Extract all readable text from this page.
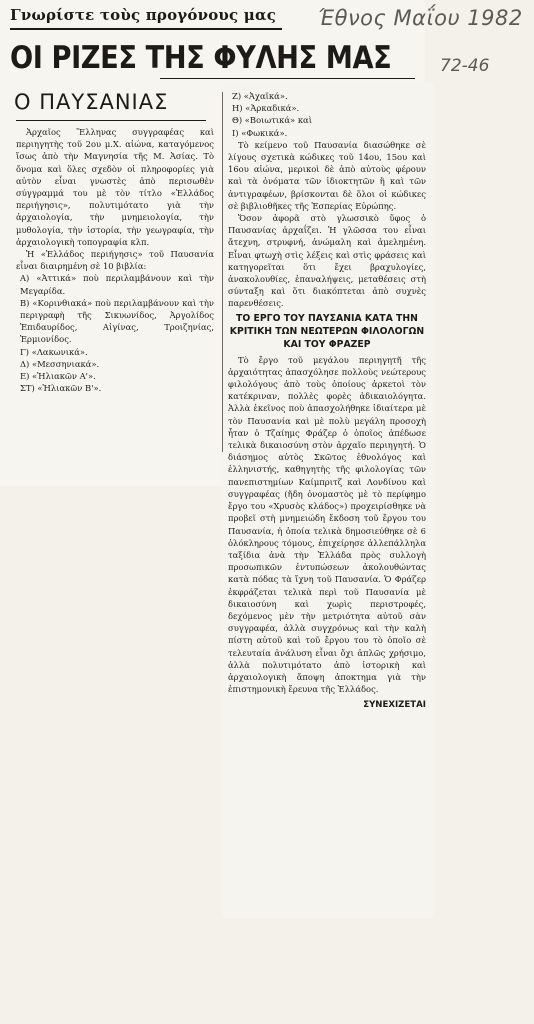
Γνωρίστε τοὺς προγόνους μας Έθνος Μαΐου 1982
72-46
ΟΙ ΡΙΖΕΣ ΤΗΣ ΦΥΛΗΣ ΜΑΣ
Ο ΠΑΥΣΑΝΙΑΣ

Ἀρχαῖος Ἕλληνας συγγραφέας καὶ περιηγητὴς τοῦ 2ου μ.Χ. αἰώνα, καταγόμενος ἴσως ἀπὸ τὴν Μαγνησία τῆς Μ. Ἀσίας. Τὸ ὄνομα καὶ ὅλες σχεδὸν οἱ πληροφορίες γιὰ αὐτὸν εἶναι γνωστὲς ἀπὸ περισωθὲν σύγγραμμά του μὲ τὸν τίτλο «Ἑλλάδος περιήγησις», πολυτιμότατο γιὰ τὴν ἀρχαιολογία, τὴν μνημειολογία, τὴν μυθολογία, τὴν ἱστορία, τὴν γεωγραφία, τὴν ἀρχαιολογικὴ τοπογραφία κλπ.

Ἡ «Ἑλλάδος περιήγησις» τοῦ Παυσανία εἶναι διαιρημένη σὲ 10 βιβλία:

Α) «Ἀττικά» ποὺ περιλαμβάνουν καὶ τὴν Μεγαρίδα.

Β) «Κορινθιακά» ποὺ περιλαμβάνουν καὶ τὴν περιγραφὴ τῆς Σικυωνίδος, Ἀργολίδος Ἐπιδαυρίδος, Αἰγίνας, Τροιζηνίας, Ἑρμιονίδος.

Γ) «Λακωνικά».

Δ) «Μεσσηνιακά».

Ε) «Ἠλιακῶν Α'».

ΣΤ) «Ἠλιακῶν Β'».

Ζ) «Ἀχαϊκά».

Η) «Ἀρκαδικά».

Θ) «Βοιωτικά» καὶ

Ι) «Φωκικά».

Τὸ κείμενο τοῦ Παυσανία διασώθηκε σὲ λίγους σχετικὰ κώδικες τοῦ 14ου, 15ου καὶ 16ου αἰώνα, μερικοὶ δὲ ἀπὸ αὐτοὺς φέρουν καὶ τὰ ὀνόματα τῶν ἰδιοκτητῶν ἢ καὶ τῶν ἀντιγραφέων, βρίσκονται δὲ ὅλοι οἱ κώδικες σὲ βιβλιοθῆκες τῆς Ἑσπερίας Εὐρώπης.

Ὅσον ἀφορᾶ στὸ γλωσσικὸ ὕφος ὁ Παυσανίας ἀρχαΐζει. Ἡ γλῶσσα του εἶναι ἄτεχνη, στρυφνή, ἀνώμαλη καὶ ἀμελημένη. Εἶναι φτωχὴ στὶς λέξεις καὶ στὶς φράσεις καὶ κατηγορεῖται ὅτι ἔχει βραχυλογίες, ἀνακολουθίες, ἐπαναλήψεις, μεταθέσεις στὴ σύνταξη καὶ ὅτι διακόπτεται ἀπὸ συχνὲς παρενθέσεις.

ΤΟ ΕΡΓΟ ΤΟΥ ΠΑΥΣΑΝΙΑ ΚΑΤΑ ΤΗΝ ΚΡΙΤΙΚΗ ΤΩΝ ΝΕΩΤΕΡΩΝ ΦΙΛΟΛΟΓΩΝ ΚΑΙ ΤΟΥ ΦΡΑΖΕΡ

Τὸ ἔργο τοῦ μεγάλου περιηγητῆ τῆς ἀρχαιότητας ἀπασχόλησε πολλοὺς νεώτερους φιλολόγους ἀπὸ τοὺς ὁποίους ἀρκετοὶ τὸν κατέκριναν, πολλὲς φορὲς ἀδικαιολόγητα. Ἀλλὰ ἐκεῖνος ποὺ ἀπασχολήθηκε ἰδιαίτερα μὲ τὸν Παυσανία καὶ μὲ πολὺ μεγάλη προσοχὴ ἦταν ὁ Τζαίημς Φράζερ ὁ ὁποῖος ἀπέδωσε τελικὰ δικαιοσύνη στὸν ἀρχαῖο περιηγητή. Ὁ διάσημος αὐτὸς Σκῶτος ἐθνολόγος καὶ ἑλληνιστής, καθηγητὴς τῆς φιλολογίας τῶν πανεπιστημίων Καίμπριτζ καὶ Λονδίνου καὶ συγγραφέας (ἤδη ὀνομαστὸς μὲ τὸ περίφημο ἔργο του «Χρυσὸς κλάδος») προχειρίσθηκε νὰ προβεῖ στὴ μνημειώδη ἔκδοση τοῦ ἔργου του Παυσανία, ἡ ὁποία τελικὰ δημοσιεύθηκε σὲ 6 ὁλόκληρους τόμους, ἐπιχείρησε ἀλλεπάλληλα ταξίδια ἀνὰ τὴν Ἑλλάδα πρὸς συλλογὴ προσωπικῶν ἐντυπώσεων ἀκολουθώντας κατὰ πόδας τὰ ἴχνη τοῦ Παυσανία. Ὁ Φράζερ ἐκφράζεται τελικὰ περὶ τοῦ Παυσανία μὲ δικαιοσύνη καὶ χωρὶς περιστροφές, δεχόμενος μὲν τὴν μετριότητα αὐτοῦ σὰν συγγραφέα, ἀλλὰ συγχρόνως καὶ τὴν καλὴ πίστη αὐτοῦ καὶ τοῦ ἔργου του τὸ ὁποῖο σὲ τελευταία ἀνάλυση εἶναι ὄχι ἁπλῶς χρήσιμο, ἀλλὰ πολυτιμότατο ἀπὸ ἱστορικὴ καὶ ἀρχαιολογικὴ ἄποψη ἀποκτημα γιὰ τὴν ἐπιστημονικὴ ἔρευνα τῆς Ἑλλάδος.

ΣΥΝΕΧΙΖΕΤΑΙ
